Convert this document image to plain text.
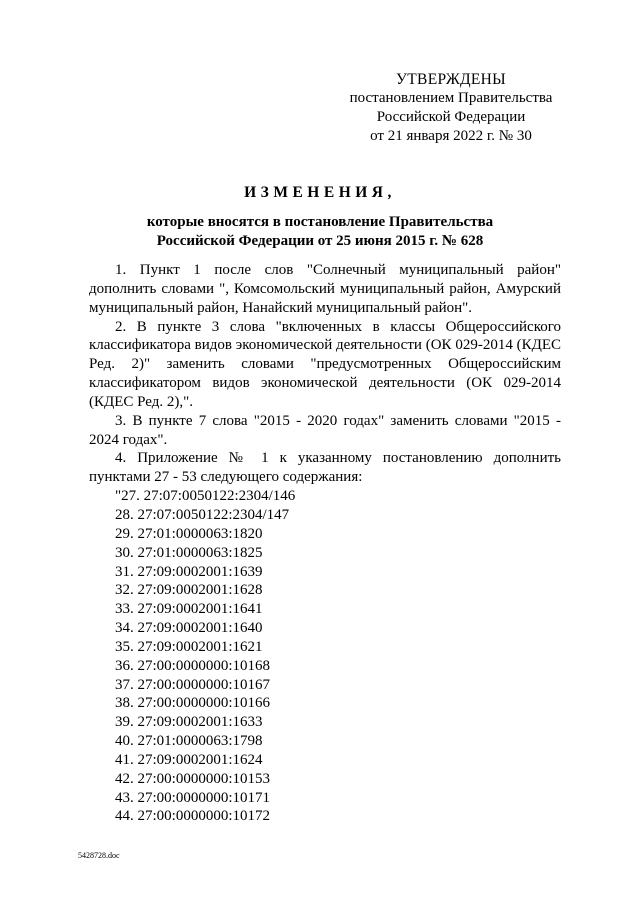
УТВЕРЖДЕНЫ
постановлением Правительства
Российской Федерации
от 21 января 2022 г. № 30
ИЗМЕНЕНИЯ,
которые вносятся в постановление Правительства
Российской Федерации от 25 июня 2015 г. № 628

1. Пункт 1 после слов "Солнечный муниципальный район" дополнить словами ", Комсомольский муниципальный район, Амурский муниципальный район, Нанайский муниципальный район".

2. В пункте 3 слова "включенных в классы Общероссийского классификатора видов экономической деятельности (ОК 029-2014 (КДЕС Ред. 2)" заменить словами "предусмотренных Общероссийским классификатором видов экономической деятельности (ОК 029-2014 (КДЕС Ред. 2),".

3. В пункте 7 слова "2015 - 2020 годах" заменить словами "2015 - 2024 годах".

4. Приложение № 1 к указанному постановлению дополнить пунктами 27 - 53 следующего содержания:

"27. 27:07:0050122:2304/146

28. 27:07:0050122:2304/147

29. 27:01:0000063:1820

30. 27:01:0000063:1825

31. 27:09:0002001:1639

32. 27:09:0002001:1628

33. 27:09:0002001:1641

34. 27:09:0002001:1640

35. 27:09:0002001:1621

36. 27:00:0000000:10168

37. 27:00:0000000:10167

38. 27:00:0000000:10166

39. 27:09:0002001:1633

40. 27:01:0000063:1798

41. 27:09:0002001:1624

42. 27:00:0000000:10153

43. 27:00:0000000:10171

44. 27:00:0000000:10172

5428728.doc
